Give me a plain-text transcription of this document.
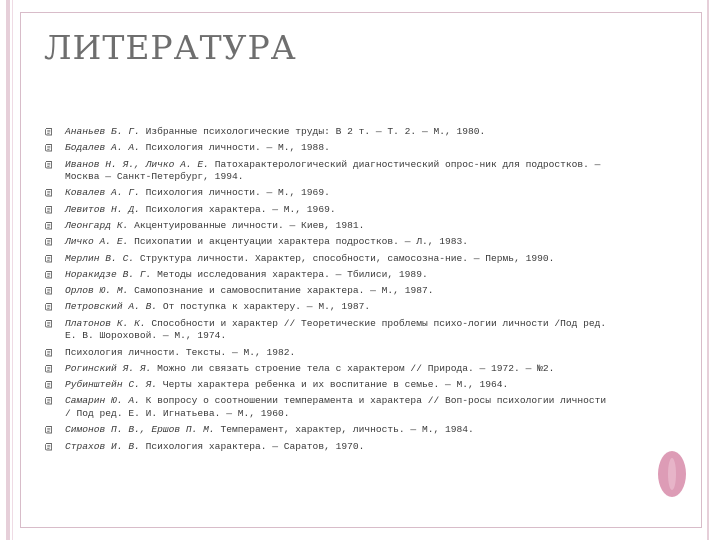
ЛИТЕРАТУРА
Ананьев Б. Г. Избранные психологические труды: В 2 т. — Т. 2. — М., 1980.
Бодалев А. А. Психология личности. — М., 1988.
Иванов Н. Я., Личко А. Е. Патохарактерологический диагностический опрос-ник для подростков. — Москва — Санкт-Петербург, 1994.
Ковалев А. Г. Психология личности. — М., 1969.
Левитов Н. Д. Психология характера. — М., 1969.
Леонгард К. Акцентуированные личности. — Киев, 1981.
Личко А. Е. Психопатии и акцентуации характера подростков. — Л., 1983.
Мерлин В. С. Структура личности. Характер, способности, самосозна-ние. — Пермь, 1990.
Норакидзе В. Г. Методы исследования характера. — Тбилиси, 1989.
Орлов Ю. М. Самопознание и самовоспитание характера. — М., 1987.
Петровский А. В. От поступка к характеру. — М., 1987.
Платонов К. К. Способности и характер // Теоретические проблемы психо-логии личности /Под ред. Е. В. Шороховой. — М., 1974.
Психология личности. Тексты. — М., 1982.
Рогинский Я. Я. Можно ли связать строение тела с характером // Природа. — 1972. — №2.
Рубинштейн С. Я. Черты характера ребенка и их воспитание в семье. — М., 1964.
Самарин Ю. А. К вопросу о соотношении темперамента и характера // Воп-росы психологии личности / Под ред. Е. И. Игнатьева. — М., 1960.
Симонов П. В., Ершов П. М. Темперамент, характер, личность. — М., 1984.
Страхов И. В. Психология характера. — Саратов, 1970.
